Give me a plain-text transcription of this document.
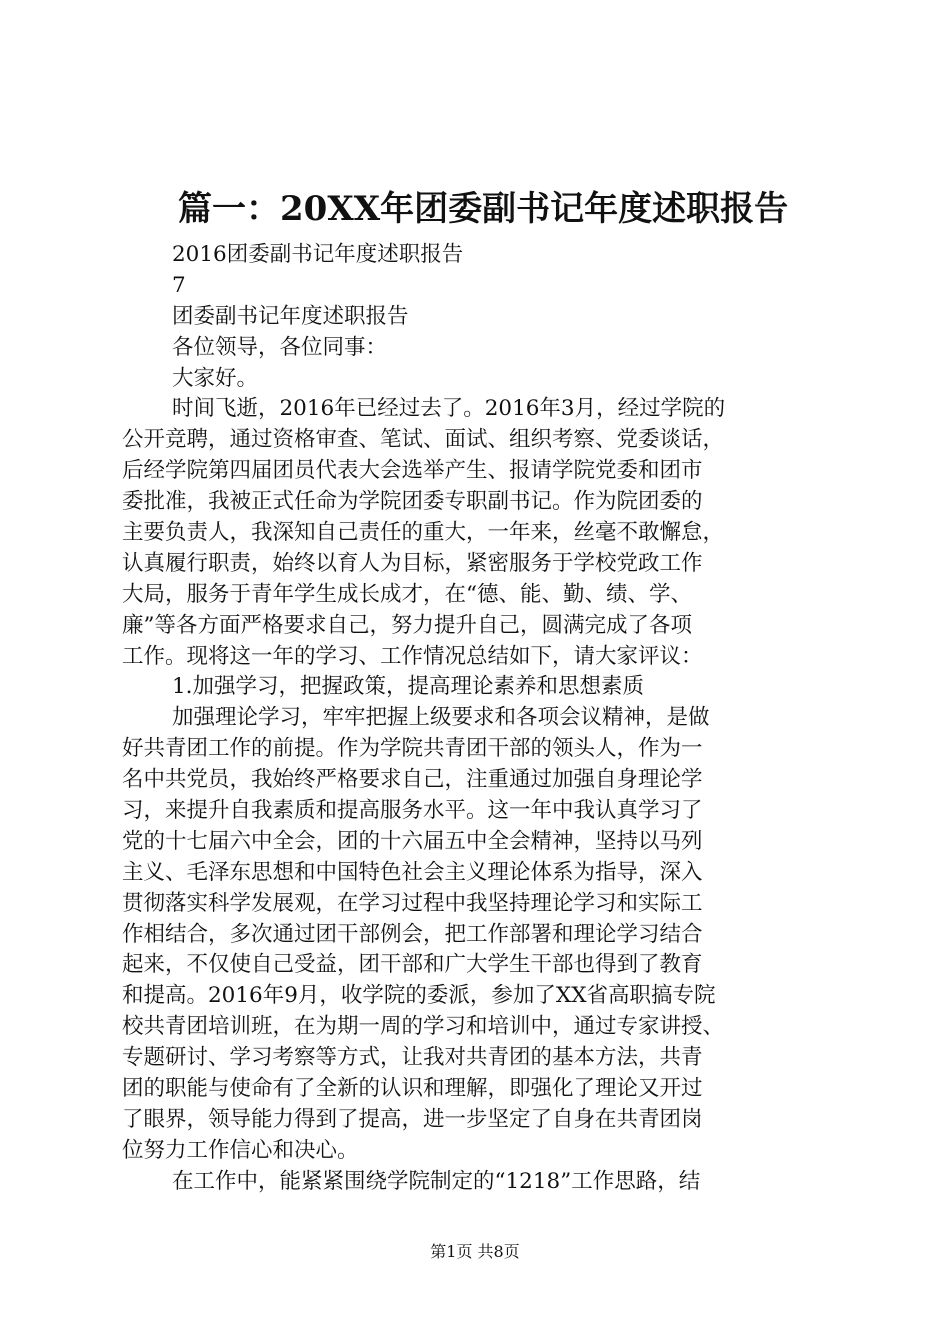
篇一：20XX年团委副书记年度述职报告
2016团委副书记年度述职报告
7
团委副书记年度述职报告
各位领导，各位同事：
大家好。
时间飞逝，2016年已经过去了。2016年3月，经过学院的
公开竞聘，通过资格审查、笔试、面试、组织考察、党委谈话，
后经学院第四届团员代表大会选举产生、报请学院党委和团市
委批准，我被正式任命为学院团委专职副书记。作为院团委的
主要负责人，我深知自己责任的重大，一年来，丝毫不敢懈怠，
认真履行职责，始终以育人为目标，紧密服务于学校党政工作
大局，服务于青年学生成长成才，在“德、能、勤、绩、学、
廉”等各方面严格要求自己，努力提升自己，圆满完成了各项
工作。现将这一年的学习、工作情况总结如下，请大家评议：
1.加强学习，把握政策，提高理论素养和思想素质
加强理论学习，牢牢把握上级要求和各项会议精神，是做
好共青团工作的前提。作为学院共青团干部的领头人，作为一
名中共党员，我始终严格要求自己，注重通过加强自身理论学
习，来提升自我素质和提高服务水平。这一年中我认真学习了
党的十七届六中全会，团的十六届五中全会精神，坚持以马列
主义、毛泽东思想和中国特色社会主义理论体系为指导，深入
贯彻落实科学发展观，在学习过程中我坚持理论学习和实际工
作相结合，多次通过团干部例会，把工作部署和理论学习结合
起来，不仅使自己受益，团干部和广大学生干部也得到了教育
和提高。2016年9月，收学院的委派，参加了XX省高职搞专院
校共青团培训班，在为期一周的学习和培训中，通过专家讲授、
专题研讨、学习考察等方式，让我对共青团的基本方法，共青
团的职能与使命有了全新的认识和理解，即强化了理论又开过
了眼界，领导能力得到了提高，进一步坚定了自身在共青团岗
位努力工作信心和决心。
在工作中，能紧紧围绕学院制定的“1218”工作思路，结
第1页 共8页
